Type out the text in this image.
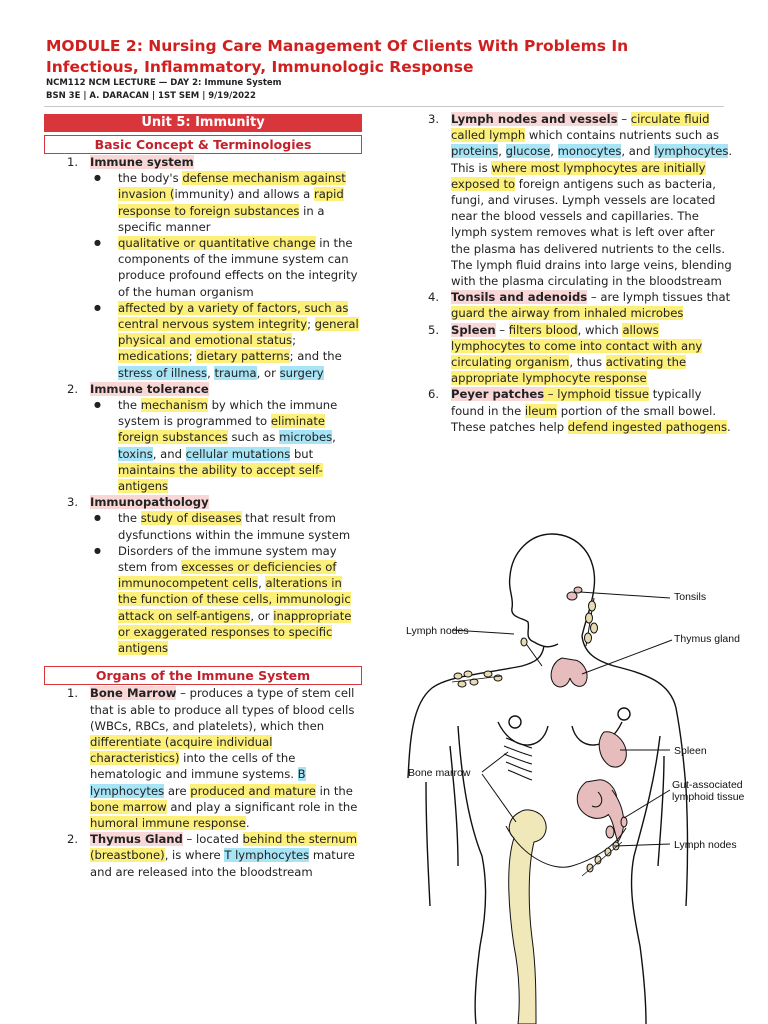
MODULE 2: Nursing Care Management Of Clients With Problems In
Infectious, Inflammatory, Immunologic Response
NCM112 NCM LECTURE — DAY 2: Immune System
BSN 3E | A. DARACAN | 1ST SEM | 9/19/2022
Unit 5: Immunity
Basic Concept & Terminologies
1. Immune system
● the body's defense mechanism against invasion (immunity) and allows a rapid response to foreign substances in a specific manner
● qualitative or quantitative change in the components of the immune system can produce profound effects on the integrity of the human organism
● affected by a variety of factors, such as central nervous system integrity; general physical and emotional status; medications; dietary patterns; and the stress of illness, trauma, or surgery
2. Immune tolerance
● the mechanism by which the immune system is programmed to eliminate foreign substances such as microbes, toxins, and cellular mutations but maintains the ability to accept self-antigens
3. Immunopathology
● the study of diseases that result from dysfunctions within the immune system
● Disorders of the immune system may stem from excesses or deficiencies of immunocompetent cells, alterations in the function of these cells, immunologic attack on self-antigens, or inappropriate or exaggerated responses to specific antigens
Organs of the Immune System
1. Bone Marrow – produces a type of stem cell that is able to produce all types of blood cells (WBCs, RBCs, and platelets), which then differentiate (acquire individual characteristics) into the cells of the hematologic and immune systems. B lymphocytes are produced and mature in the bone marrow and play a significant role in the humoral immune response.
2. Thymus Gland – located behind the sternum (breastbone), is where T lymphocytes mature and are released into the bloodstream
3. Lymph nodes and vessels – circulate fluid called lymph which contains nutrients such as proteins, glucose, monocytes, and lymphocytes. This is where most lymphocytes are initially exposed to foreign antigens such as bacteria, fungi, and viruses. Lymph vessels are located near the blood vessels and capillaries. The lymph system removes what is left over after the plasma has delivered nutrients to the cells. The lymph fluid drains into large veins, blending with the plasma circulating in the bloodstream
4. Tonsils and adenoids – are lymph tissues that guard the airway from inhaled microbes
5. Spleen – filters blood, which allows lymphocytes to come into contact with any circulating organism, thus activating the appropriate lymphocyte response
6. Peyer patches – lymphoid tissue typically found in the ileum portion of the small bowel. These patches help defend ingested pathogens.
Tonsils
Lymph nodes
Thymus gland
Spleen
Bone marrow
Gut-associated
lymphoid tissue
Lymph nodes
